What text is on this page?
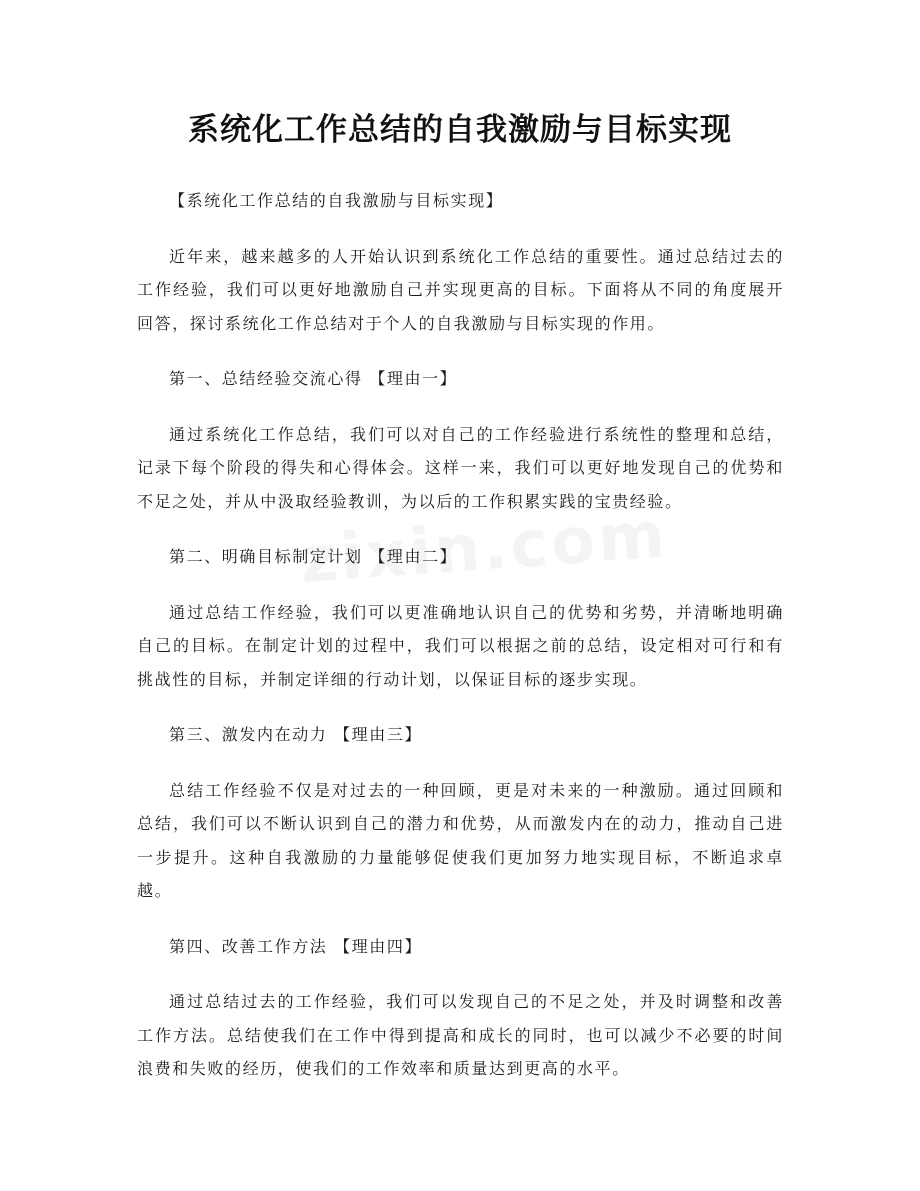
系统化工作总结的自我激励与目标实现

【系统化工作总结的自我激励与目标实现】

近年来，越来越多的人开始认识到系统化工作总结的重要性。通过总结过去的工作经验，我们可以更好地激励自己并实现更高的目标。下面将从不同的角度展开回答，探讨系统化工作总结对于个人的自我激励与目标实现的作用。

第一、总结经验交流心得 【理由一】

通过系统化工作总结，我们可以对自己的工作经验进行系统性的整理和总结，记录下每个阶段的得失和心得体会。这样一来，我们可以更好地发现自己的优势和不足之处，并从中汲取经验教训，为以后的工作积累实践的宝贵经验。

第二、明确目标制定计划 【理由二】

通过总结工作经验，我们可以更准确地认识自己的优势和劣势，并清晰地明确自己的目标。在制定计划的过程中，我们可以根据之前的总结，设定相对可行和有挑战性的目标，并制定详细的行动计划，以保证目标的逐步实现。

第三、激发内在动力 【理由三】

总结工作经验不仅是对过去的一种回顾，更是对未来的一种激励。通过回顾和总结，我们可以不断认识到自己的潜力和优势，从而激发内在的动力，推动自己进一步提升。这种自我激励的力量能够促使我们更加努力地实现目标，不断追求卓越。

第四、改善工作方法 【理由四】

通过总结过去的工作经验，我们可以发现自己的不足之处，并及时调整和改善工作方法。总结使我们在工作中得到提高和成长的同时，也可以减少不必要的时间浪费和失败的经历，使我们的工作效率和质量达到更高的水平。
